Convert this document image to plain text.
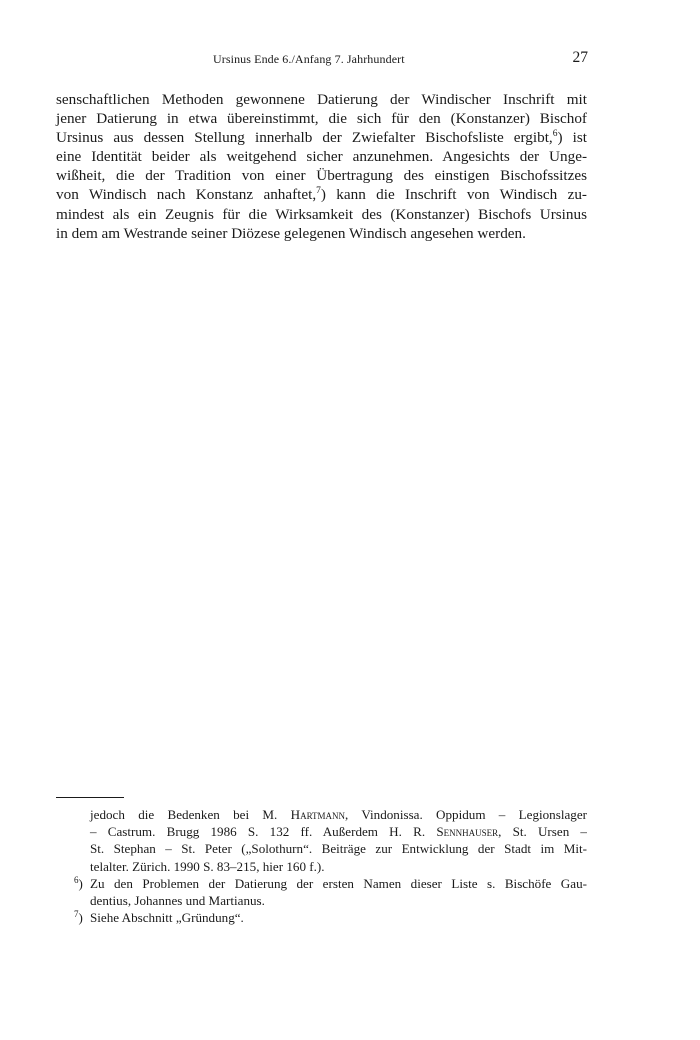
Ursinus Ende 6./Anfang 7. Jahrhundert	27
senschaftlichen Methoden gewonnene Datierung der Windischer Inschrift mit
jener Datierung in etwa übereinstimmt, die sich für den (Konstanzer) Bischof
Ursinus aus dessen Stellung innerhalb der Zwiefalter Bischofsliste ergibt,$^6$) ist
eine Identität beider als weitgehend sicher anzunehmen. Angesichts der Unge-
wißheit, die der Tradition von einer Übertragung des einstigen Bischofssitzes
von Windisch nach Konstanz anhaftet,$^7$) kann die Inschrift von Windisch zu-
mindest als ein Zeugnis für die Wirksamkeit des (Konstanzer) Bischofs Ursinus
in dem am Westrande seiner Diözese gelegenen Windisch angesehen werden.
jedoch die Bedenken bei M. Hartmann, Vindonissa. Oppidum – Legionslager
– Castrum. Brugg 1986 S. 132 ff. Außerdem H. R. Sennhauser, St. Ursen –
St. Stephan – St. Peter („Solothurn“. Beiträge zur Entwicklung der Stadt im Mit-
telalter. Zürich. 1990 S. 83–215, hier 160 f.).
$^6$) Zu den Problemen der Datierung der ersten Namen dieser Liste s. Bischöfe Gau-
dentius, Johannes und Martianus.
$^7$) Siehe Abschnitt „Gründung“.
